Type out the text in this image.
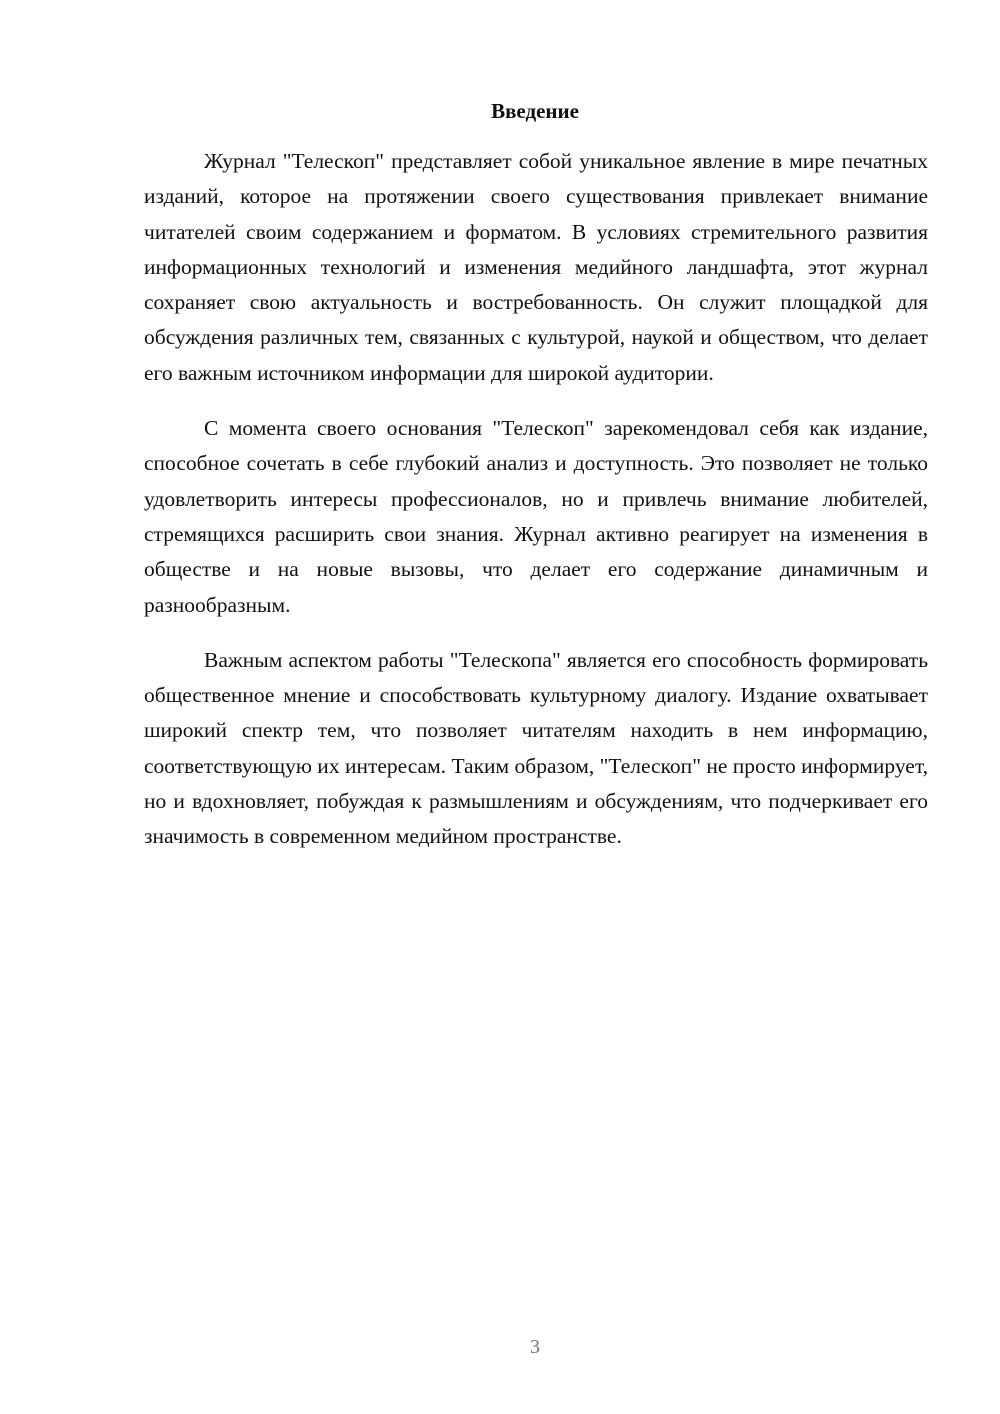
Введение

Журнал "Телескоп" представляет собой уникальное явление в мире печатных изданий, которое на протяжении своего существования привлекает внимание читателей своим содержанием и форматом. В условиях стремительного развития информационных технологий и изменения медийного ландшафта, этот журнал сохраняет свою актуальность и востребованность. Он служит площадкой для обсуждения различных тем, связанных с культурой, наукой и обществом, что делает его важным источником информации для широкой аудитории.

С момента своего основания "Телескоп" зарекомендовал себя как издание, способное сочетать в себе глубокий анализ и доступность. Это позволяет не только удовлетворить интересы профессионалов, но и привлечь внимание любителей, стремящихся расширить свои знания. Журнал активно реагирует на изменения в обществе и на новые вызовы, что делает его содержание динамичным и разнообразным.

Важным аспектом работы "Телескопа" является его способность формировать общественное мнение и способствовать культурному диалогу. Издание охватывает широкий спектр тем, что позволяет читателям находить в нем информацию, соответствующую их интересам. Таким образом, "Телескоп" не просто информирует, но и вдохновляет, побуждая к размышлениям и обсуждениям, что подчеркивает его значимость в современном медийном пространстве.

3
